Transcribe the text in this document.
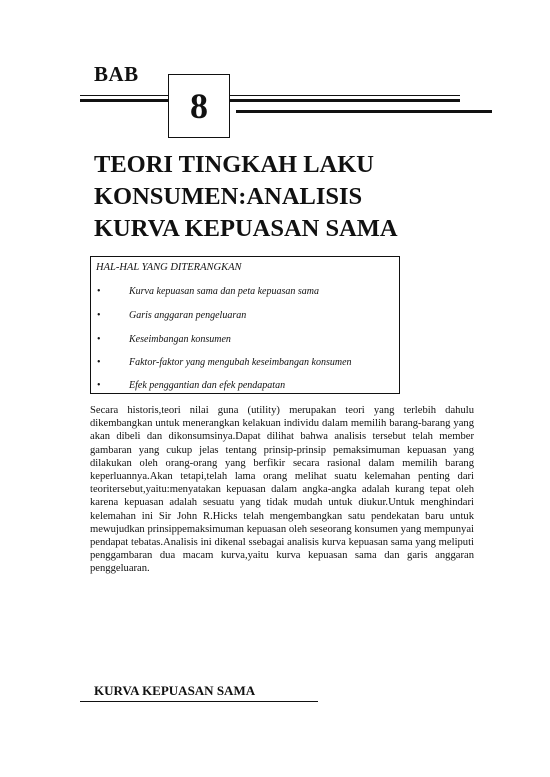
BAB
8
TEORI TINGKAH LAKU
KONSUMEN:ANALISIS
KURVA KEPUASAN SAMA
HAL-HAL YANG DITERANGKAN
•	Kurva kepuasan sama dan peta kepuasan sama
•	Garis anggaran pengeluaran
•	Keseimbangan konsumen
•	Faktor-faktor yang mengubah keseimbangan konsumen
•	Efek penggantian dan efek pendapatan

Secara historis,teori nilai guna (utility) merupakan teori yang terlebih dahulu dikembangkan untuk menerangkan kelakuan individu dalam memilih barang-barang yang akan dibeli dan dikonsumsinya.Dapat dilihat bahwa analisis tersebut telah member gambaran yang cukup jelas tentang prinsip-prinsip pemaksimuman kepuasan yang dilakukan oleh orang-orang yang berfikir secara rasional dalam memilih barang keperluannya.Akan tetapi,telah lama orang melihat suatu kelemahan penting dari teoritersebut,yaitu:menyatakan kepuasan dalam angka-angka adalah kurang tepat oleh karena kepuasan adalah sesuatu yang tidak mudah untuk diukur.Untuk menghindari kelemahan ini Sir John R.Hicks telah mengembangkan satu pendekatan baru untuk mewujudkan prinsippemaksimuman kepuasan oleh seseorang konsumen yang mempunyai pendapat tebatas.Analisis ini dikenal ssebagai analisis kurva kepuasan sama yang meliputi penggambaran dua macam kurva,yaitu kurva kepuasan sama dan garis anggaran penggeluaran.

KURVA KEPUASAN SAMA
